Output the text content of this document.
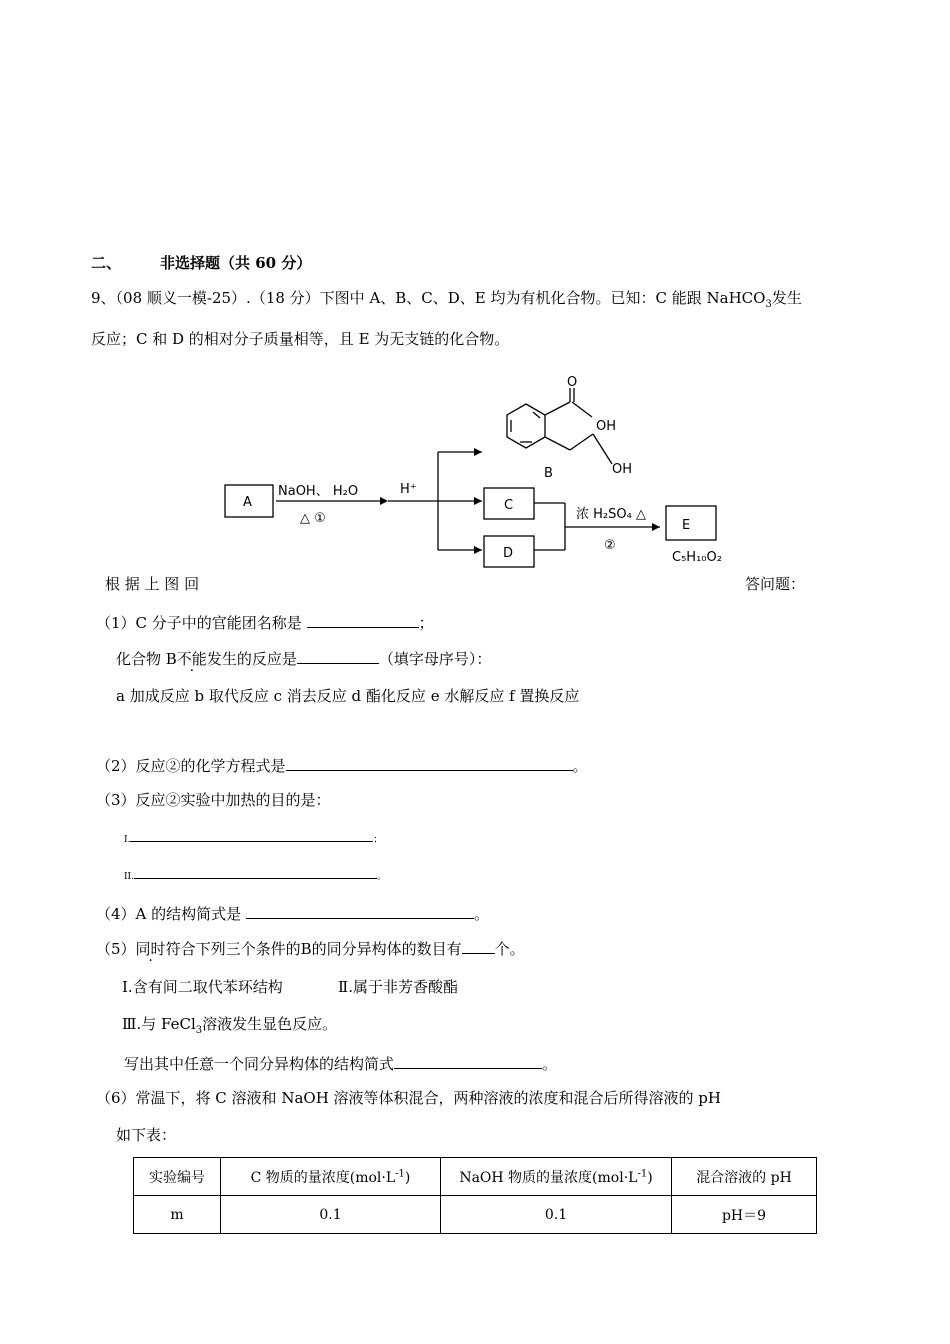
二、	非选择题（共 60 分）
9、（08 顺义一模-25）.（18 分）下图中 A、B、C、D、E 均为有机化合物。已知：C 能跟 NaHCO$_3$发生
反应；C 和 D 的相对分子质量相等，且 E 为无支链的化合物。
A
NaOH、 H₂O
△ ①
H⁺
C
D
浓 H₂SO₄ △
②
E
C₅H₁₀O₂
B
O
OH
OH
根 据 上 图 回	答问题：
（1）C 分子中的官能团名称是	；
化合物 B不能发生的反应是	（填字母序号）：
a 加成反应 b 取代反应 c 消去反应 d 酯化反应 e 水解反应 f 置换反应
（2）反应②的化学方程式是	。
（3）反应②实验中加热的目的是：
I.	；
II.	。
（4）A 的结构简式是	。
（5）同时符合下列三个条件的B的同分异构体的数目有 个。
I.含有间二取代苯环结构	Ⅱ.属于非芳香酸酯
Ⅲ.与 FeCl$_3$溶液发生显色反应。
写出其中任意一个同分异构体的结构简式	。
（6）常温下，将 C 溶液和 NaOH 溶液等体积混合，两种溶液的浓度和混合后所得溶液的 pH
如下表：
实验编号	C 物质的量浓度$(mol\cdot L^{-1})$	NaOH 物质的量浓度$(mol\cdot L^{-1})$	混合溶液的 pH
m	0.1	0.1	pH＝9
